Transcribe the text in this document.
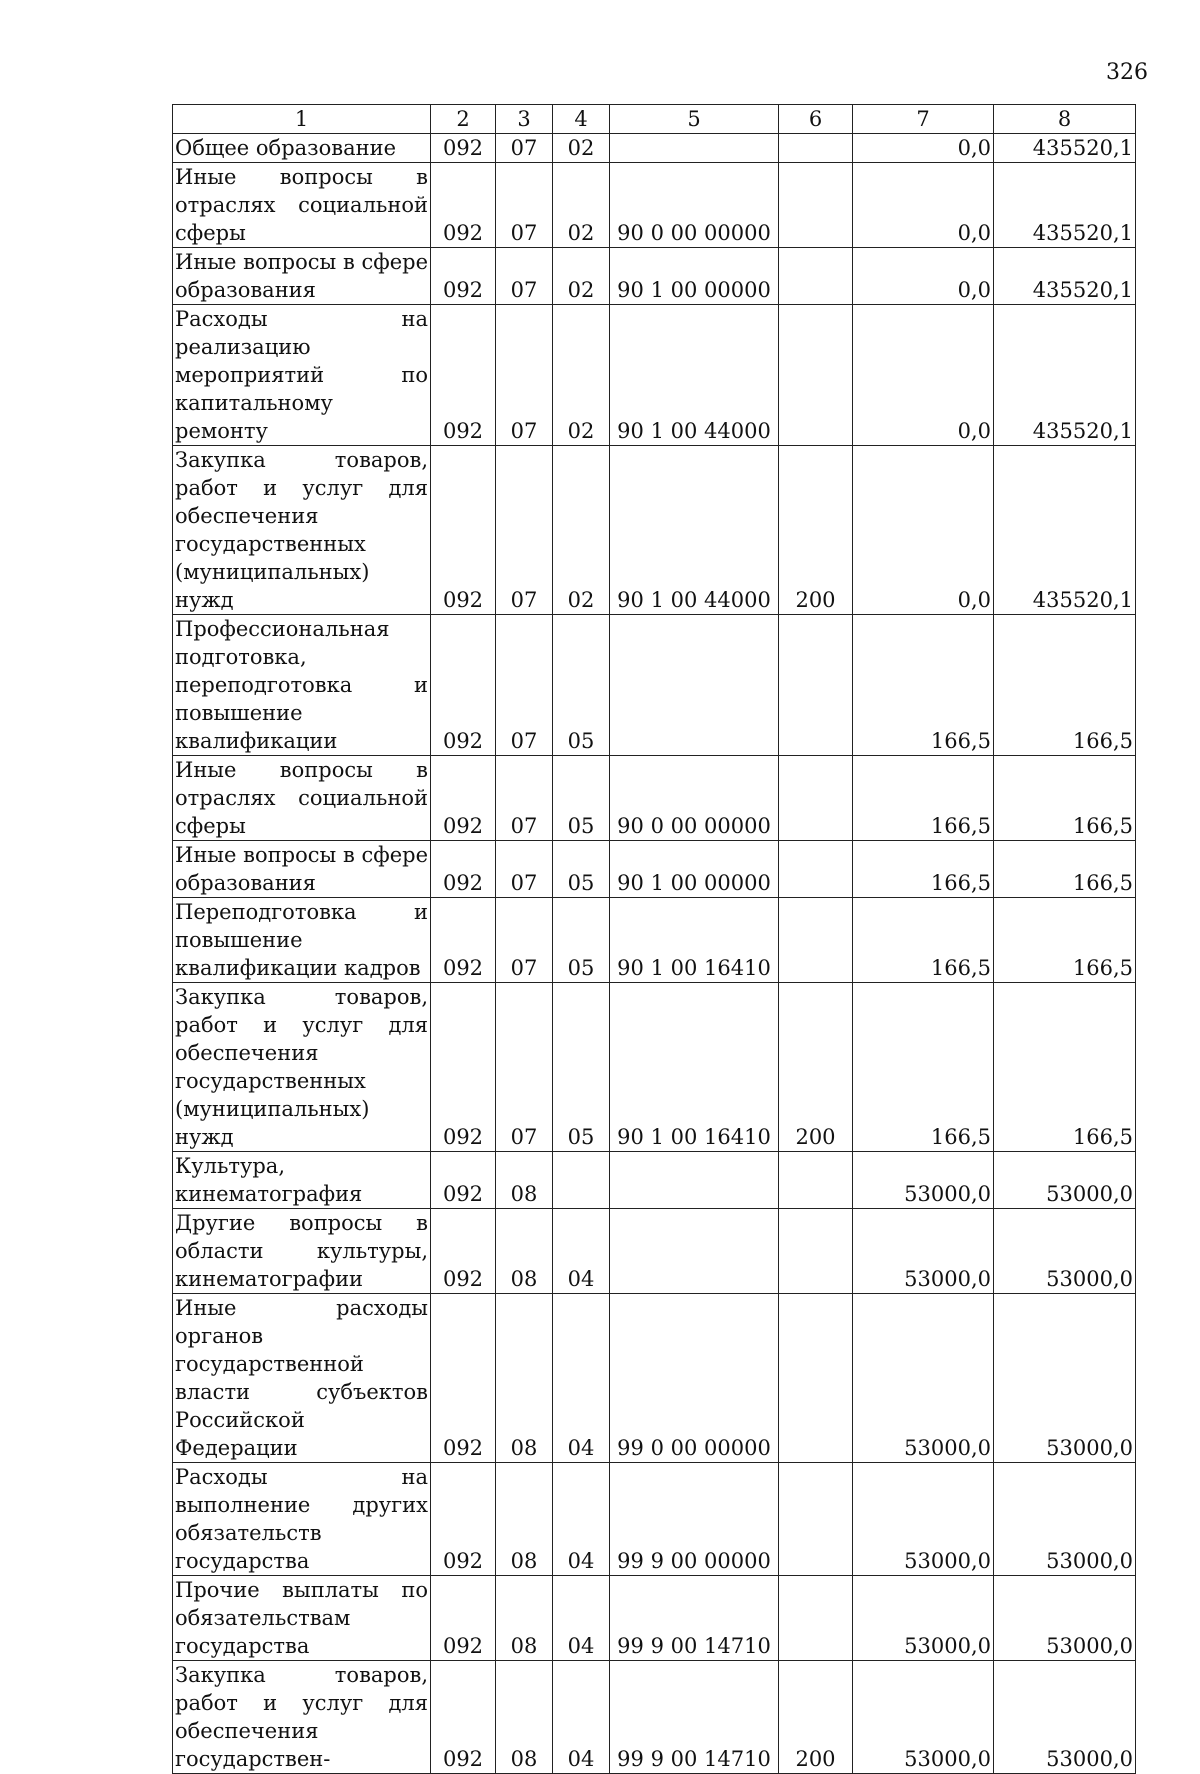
326
1	2	3	4	5	6	7	8
Общее образование	092	07	02			0,0	435520,1
Иные вопросы в отраслях социальной сферы	092	07	02	90 0 00 00000		0,0	435520,1
Иные вопросы в сфере образования	092	07	02	90 1 00 00000		0,0	435520,1
Расходы на реализацию мероприятий по капитальному ремонту	092	07	02	90 1 00 44000		0,0	435520,1
Закупка товаров, работ и услуг для обеспечения государственных (муниципальных) нужд	092	07	02	90 1 00 44000	200	0,0	435520,1
Профессиональная подготовка, переподготовка и повышение квалификации	092	07	05			166,5	166,5
Иные вопросы в отраслях социальной сферы	092	07	05	90 0 00 00000		166,5	166,5
Иные вопросы в сфере образования	092	07	05	90 1 00 00000		166,5	166,5
Переподготовка и повышение квалификации кадров	092	07	05	90 1 00 16410		166,5	166,5
Закупка товаров, работ и услуг для обеспечения государственных (муниципальных) нужд	092	07	05	90 1 00 16410	200	166,5	166,5
Культура, кинематография	092	08				53000,0	53000,0
Другие вопросы в области культуры, кинематографии	092	08	04			53000,0	53000,0
Иные расходы органов государственной власти субъектов Российской Федерации	092	08	04	99 0 00 00000		53000,0	53000,0
Расходы на выполнение других обязательств государства	092	08	04	99 9 00 00000		53000,0	53000,0
Прочие выплаты по обязательствам государства	092	08	04	99 9 00 14710		53000,0	53000,0
Закупка товаров, работ и услуг для обеспечения государствен-	092	08	04	99 9 00 14710	200	53000,0	53000,0
